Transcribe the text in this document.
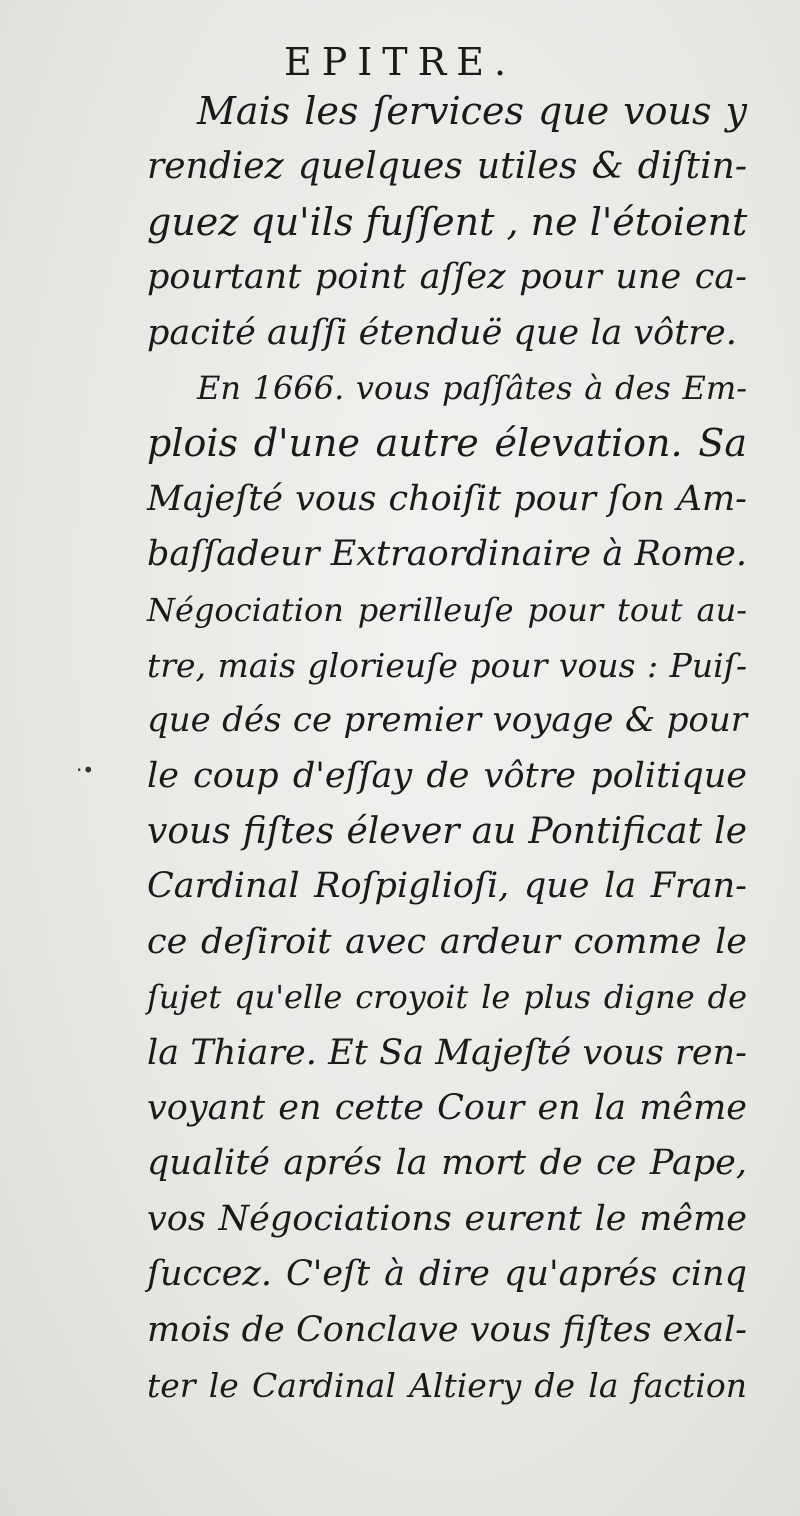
EPITRE.
·•
Mais les ſervices que vous y
rendiez quelques utiles & diſtin-
guez qu'ils fuſſent , ne l'étoient
pourtant point aſſez pour une ca-
pacité auſſi étenduë que la vôtre.
En 1666. vous paſſâtes à des Em-
plois d'une autre élevation. Sa
Majeſté vous choiſit pour ſon Am-
baſſadeur Extraordinaire à Rome.
Négociation perilleuſe pour tout au-
tre, mais glorieuſe pour vous : Puiſ-
que dés ce premier voyage & pour
le coup d'eſſay de vôtre politique
vous fiſtes élever au Pontificat le
Cardinal Roſpiglioſi, que la Fran-
ce deſiroit avec ardeur comme le
ſujet qu'elle croyoit le plus digne de
la Thiare. Et Sa Majeſté vous ren-
voyant en cette Cour en la même
qualité aprés la mort de ce Pape,
vos Négociations eurent le même
ſuccez. C'eſt à dire qu'aprés cinq
mois de Conclave vous fiſtes exal-
ter le Cardinal Altiery de la faction
